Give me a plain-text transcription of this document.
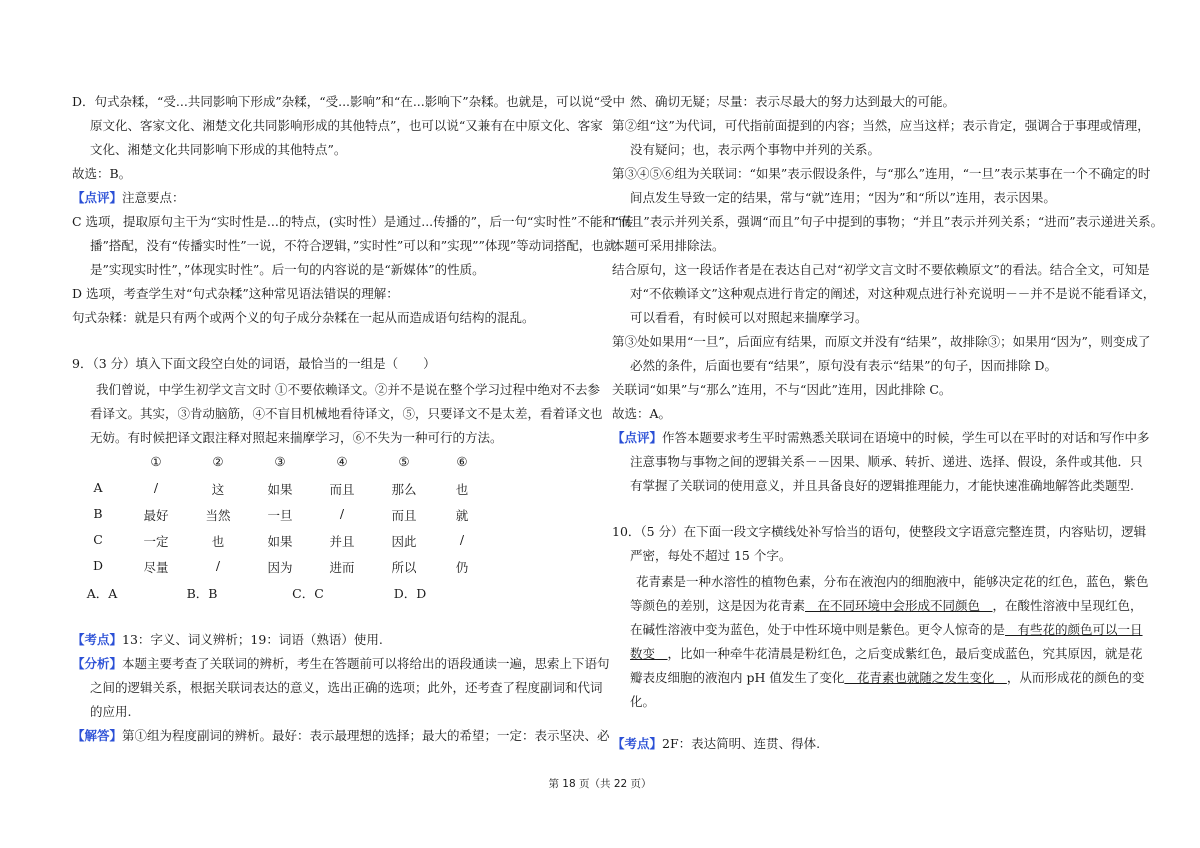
D．句式杂糅，“受...共同影响下形成”杂糅，“受...影响”和“在...影响下”杂糅。也就是，可以说“受中
原文化、客家文化、湘楚文化共同影响形成的其他特点”，也可以说“又兼有在中原文化、客家
文化、湘楚文化共同影响下形成的其他特点”。
故选：B。
【点评】注意要点：
C 选项，提取原句主干为“实时性是...的特点，(实时性）是通过...传播的”，后一句“实时性”不能和“传
播”搭配，没有“传播实时性”一说，不符合逻辑，”实时性”可以和”实现””体现”等动词搭配，也就
是”实现实时性”，”体现实时性”。后一句的内容说的是“新媒体”的性质。
D 选项，考查学生对“句式杂糅”这种常见语法错误的理解：
句式杂糅：就是只有两个或两个义的句子成分杂糅在一起从而造成语句结构的混乱。
9．（3 分）填入下面文段空白处的词语，最恰当的一组是（　　）
我们曾说，中学生初学文言文时 ①不要依赖译文。②并不是说在整个学习过程中绝对不去参
看译文。其实，③肯动脑筋，④不盲目机械地看待译文，⑤，只要译文不是太差，看着译文也
无妨。有时候把译文跟注释对照起来揣摩学习，⑥不失为一种可行的方法。
①	②	③	④	⑤	⑥
A	/	这	如果	而且	那么	也
B	最好	当然	一旦	/	而且	就
C	一定	也	如果	并且	因此	/
D	尽量	/	因为	进而	所以	仍
A．A	B．B	C．C	D．D
【考点】13：字义、词义辨析；19：词语（熟语）使用.
【分析】本题主要考查了关联词的辨析，考生在答题前可以将给出的语段通读一遍，思索上下语句
之间的逻辑关系，根据关联词表达的意义，选出正确的选项；此外，还考查了程度副词和代词
的应用.
【解答】第①组为程度副词的辨析。最好：表示最理想的选择；最大的希望；一定：表示坚决、必
然、确切无疑；尽量：表示尽最大的努力达到最大的可能。
第②组“这”为代词，可代指前面提到的内容；当然，应当这样；表示肯定，强调合于事理或情理，
没有疑问；也，表示两个事物中并列的关系。
第③④⑤⑥组为关联词：“如果”表示假设条件，与“那么”连用，“一旦”表示某事在一个不确定的时
间点发生导致一定的结果，常与“就”连用；“因为”和“所以”连用，表示因果。
“而且”表示并列关系，强调“而且”句子中提到的事物；“并且”表示并列关系；“进而”表示递进关系。
本题可采用排除法。
结合原句，这一段话作者是在表达自己对“初学文言文时不要依赖原文”的看法。结合全文，可知是
对“不依赖译文”这种观点进行肯定的阐述，对这种观点进行补充说明－－并不是说不能看译文，
可以看看，有时候可以对照起来揣摩学习。
第③处如果用“一旦”，后面应有结果，而原文并没有“结果”，故排除③；如果用“因为”，则变成了
必然的条件，后面也要有“结果”，原句没有表示“结果”的句子，因而排除 D。
关联词“如果”与“那么”连用，不与“因此”连用，因此排除 C。
故选：A。
【点评】作答本题要求考生平时需熟悉关联词在语境中的时候，学生可以在平时的对话和写作中多
注意事物与事物之间的逻辑关系－－因果、顺承、转折、递进、选择、假设，条件或其他．只
有掌握了关联词的使用意义，并且具备良好的逻辑推理能力，才能快速准确地解答此类题型.
10．（5 分）在下面一段文字横线处补写恰当的语句，使整段文字语意完整连贯，内容贴切，逻辑
严密，每处不超过 15 个字。
花青素是一种水溶性的植物色素，分布在液泡内的细胞液中，能够决定花的红色，蓝色，紫色
等颜色的差别，这是因为花青素　在不同环境中会形成不同颜色　，在酸性溶液中呈现红色，
在碱性溶液中变为蓝色，处于中性环境中则是紫色。更令人惊奇的是　有些花的颜色可以一日
数变　，比如一种牵牛花清晨是粉红色，之后变成紫红色，最后变成蓝色，究其原因，就是花
瓣表皮细胞的液泡内 pH 值发生了变化　花青素也就随之发生变化　，从而形成花的颜色的变
化。
【考点】2F：表达简明、连贯、得体.
第 18 页（共 22 页）
